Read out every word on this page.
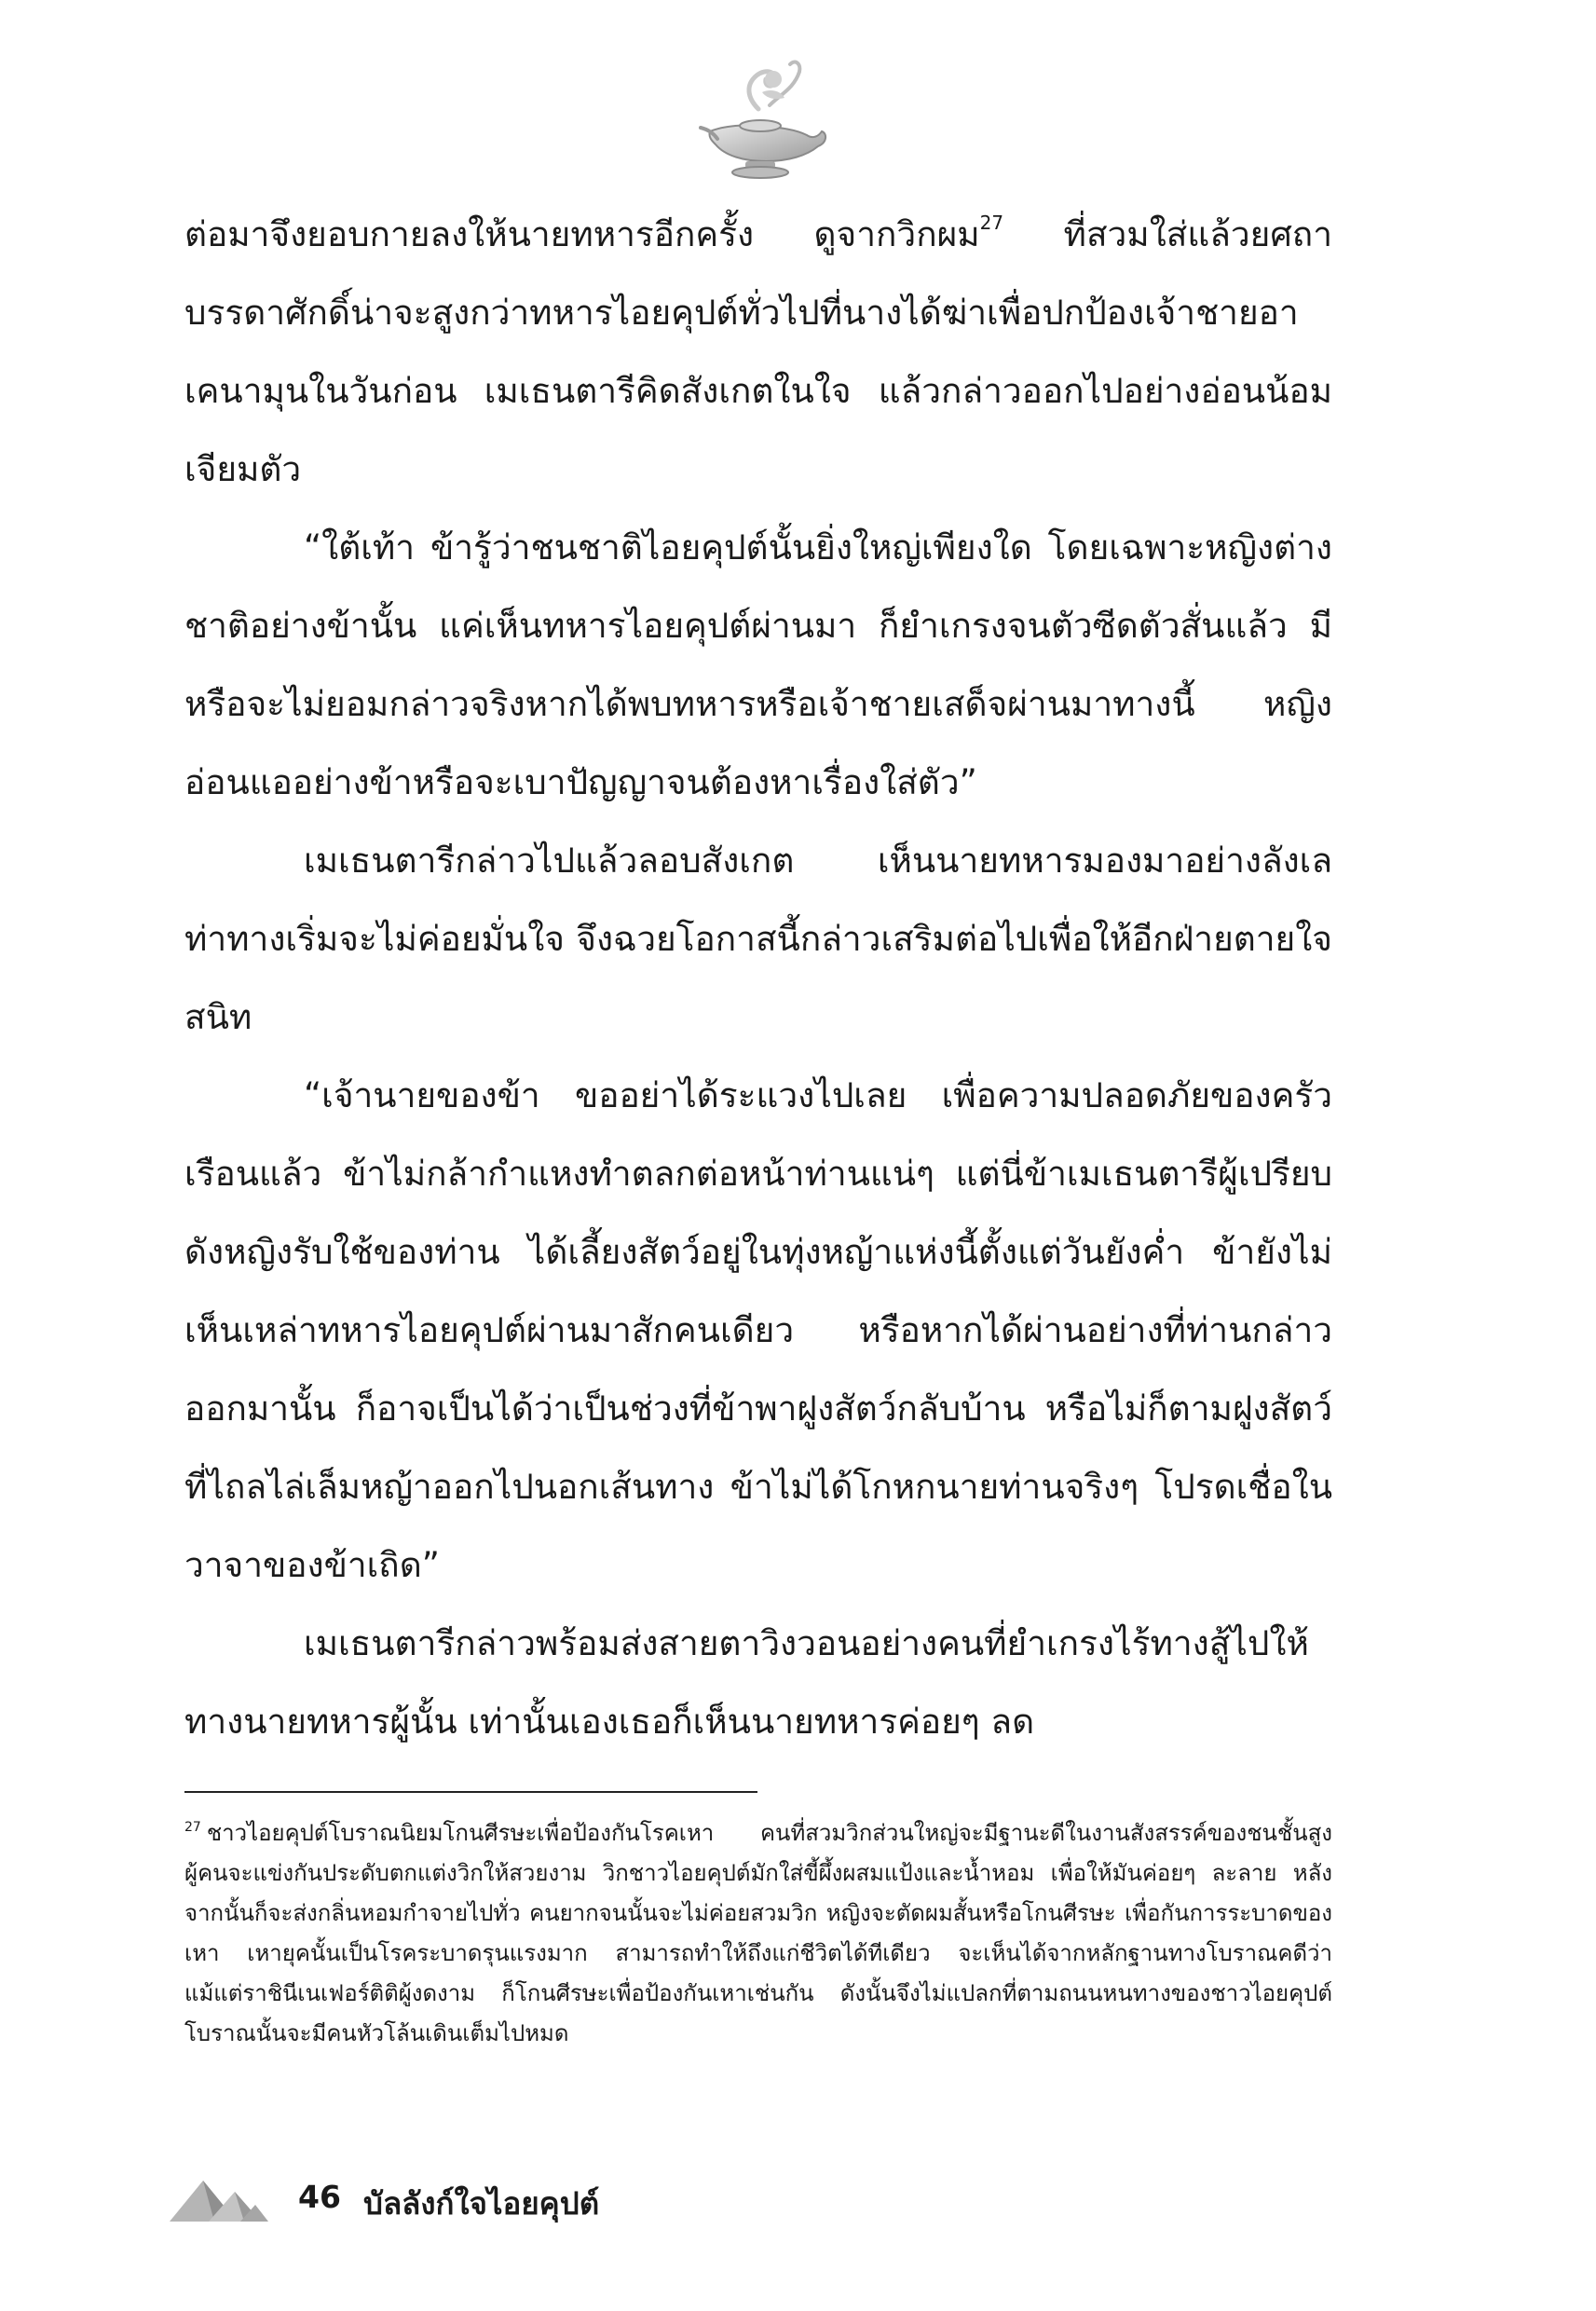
ต่อมาจึงยอบกายลงให้นายทหารอีกครั้ง ดูจากวิกผม$^{27}$ ที่สวมใส่แล้วยศถาบรรดาศักดิ์น่าจะสูงกว่าทหารไอยคุปต์ทั่วไปที่นางได้ฆ่าเพื่อปกป้องเจ้าชายอาเคนามุนในวันก่อน เมเธนตารีคิดสังเกตในใจ แล้วกล่าวออกไปอย่างอ่อนน้อมเจียมตัว

“ใต้เท้า ข้ารู้ว่าชนชาติไอยคุปต์นั้นยิ่งใหญ่เพียงใด โดยเฉพาะหญิงต่างชาติอย่างข้านั้น แค่เห็นทหารไอยคุปต์ผ่านมา ก็ยำเกรงจนตัวซีดตัวสั่นแล้ว มีหรือจะไม่ยอมกล่าวจริงหากได้พบทหารหรือเจ้าชายเสด็จผ่านมาทางนี้ หญิงอ่อนแออย่างข้าหรือจะเบาปัญญาจนต้องหาเรื่องใส่ตัว”

เมเธนตารีกล่าวไปแล้วลอบสังเกต เห็นนายทหารมองมาอย่างลังเล ท่าทางเริ่มจะไม่ค่อยมั่นใจ จึงฉวยโอกาสนี้กล่าวเสริมต่อไปเพื่อให้อีกฝ่ายตายใจสนิท

“เจ้านายของข้า ขออย่าได้ระแวงไปเลย เพื่อความปลอดภัยของครัวเรือนแล้ว ข้าไม่กล้ากำแหงทำตลกต่อหน้าท่านแน่ๆ แต่นี่ข้าเมเธนตารีผู้เปรียบดังหญิงรับใช้ของท่าน ได้เลี้ยงสัตว์อยู่ในทุ่งหญ้าแห่งนี้ตั้งแต่วันยังค่ำ ข้ายังไม่เห็นเหล่าทหารไอยคุปต์ผ่านมาสักคนเดียว หรือหากได้ผ่านอย่างที่ท่านกล่าวออกมานั้น ก็อาจเป็นได้ว่าเป็นช่วงที่ข้าพาฝูงสัตว์กลับบ้าน หรือไม่ก็ตามฝูงสัตว์ที่ไถลไล่เล็มหญ้าออกไปนอกเส้นทาง ข้าไม่ได้โกหกนายท่านจริงๆ โปรดเชื่อในวาจาของข้าเถิด”

เมเธนตารีกล่าวพร้อมส่งสายตาวิงวอนอย่างคนที่ยำเกรงไร้ทางสู้ไปให้ทางนายทหารผู้นั้น เท่านั้นเองเธอก็เห็นนายทหารค่อยๆ ลด

$^{27}$ ชาวไอยคุปต์โบราณนิยมโกนศีรษะเพื่อป้องกันโรคเหา คนที่สวมวิกส่วนใหญ่จะมีฐานะดีในงานสังสรรค์ของชนชั้นสูง ผู้คนจะแข่งกันประดับตกแต่งวิกให้สวยงาม วิกชาวไอยคุปต์มักใส่ขี้ผึ้งผสมแป้งและน้ำหอม เพื่อให้มันค่อยๆ ละลาย หลังจากนั้นก็จะส่งกลิ่นหอมกำจายไปทั่ว คนยากจนนั้นจะไม่ค่อยสวมวิก หญิงจะตัดผมสั้นหรือโกนศีรษะ เพื่อกันการระบาดของเหา เหายุคนั้นเป็นโรคระบาดรุนแรงมาก สามารถทำให้ถึงแก่ชีวิตได้ทีเดียว จะเห็นได้จากหลักฐานทางโบราณคดีว่า แม้แต่ราชินีเนเฟอร์ติติผู้งดงาม ก็โกนศีรษะเพื่อป้องกันเหาเช่นกัน ดังนั้นจึงไม่แปลกที่ตามถนนหนทางของชาวไอยคุปต์โบราณนั้นจะมีคนหัวโล้นเดินเต็มไปหมด
46 บัลลังก์ใจไอยคุปต์
